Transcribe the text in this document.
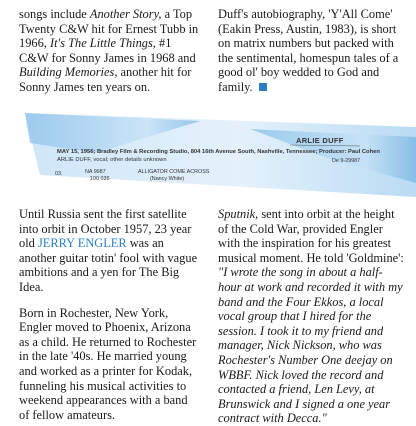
songs include Another Story, a Top Twenty C&W hit for Ernest Tubb in 1966, It's The Little Things, #1 C&W for Sonny James in 1968 and Building Memories, another hit for Sonny James ten years on.

Duff's autobiography, 'Y'All Come' (Eakin Press, Austin, 1983), is short on matrix numbers but packed with the sentimental, homespun tales of a good ol' boy wedded to God and family.

ARLIE DUFF
MAY 15, 1956; Bradley Film & Recording Studio, 804 16th Avenue South, Nashville, Tennessee; Producer: Paul Cohen
ARLIE DUFF, vocal; other details unknown
03.	NA 9987
100 035
ALLIGATOR COME ACROSS
(Nancy White)
De 9-29987

Until Russia sent the first satellite into orbit in October 1957, 23 year old JERRY ENGLER was an another guitar totin' fool with vague ambitions and a yen for The Big Idea.

Born in Rochester, New York, Engler moved to Phoenix, Arizona as a child. He returned to Rochester in the late '40s. He married young and worked as a printer for Kodak, funneling his musical activities to weekend appearances with a band of fellow amateurs.

Sputnik, sent into orbit at the height of the Cold War, provided Engler with the inspiration for his greatest musical moment. He told 'Goldmine': "I wrote the song in about a half-hour at work and recorded it with my band and the Four Ekkos, a local vocal group that I hired for the session. I took it to my friend and manager, Nick Nickson, who was Rochester's Number One deejay on WBBF. Nick loved the record and contacted a friend, Len Levy, at Brunswick and I signed a one year contract with Decca."
